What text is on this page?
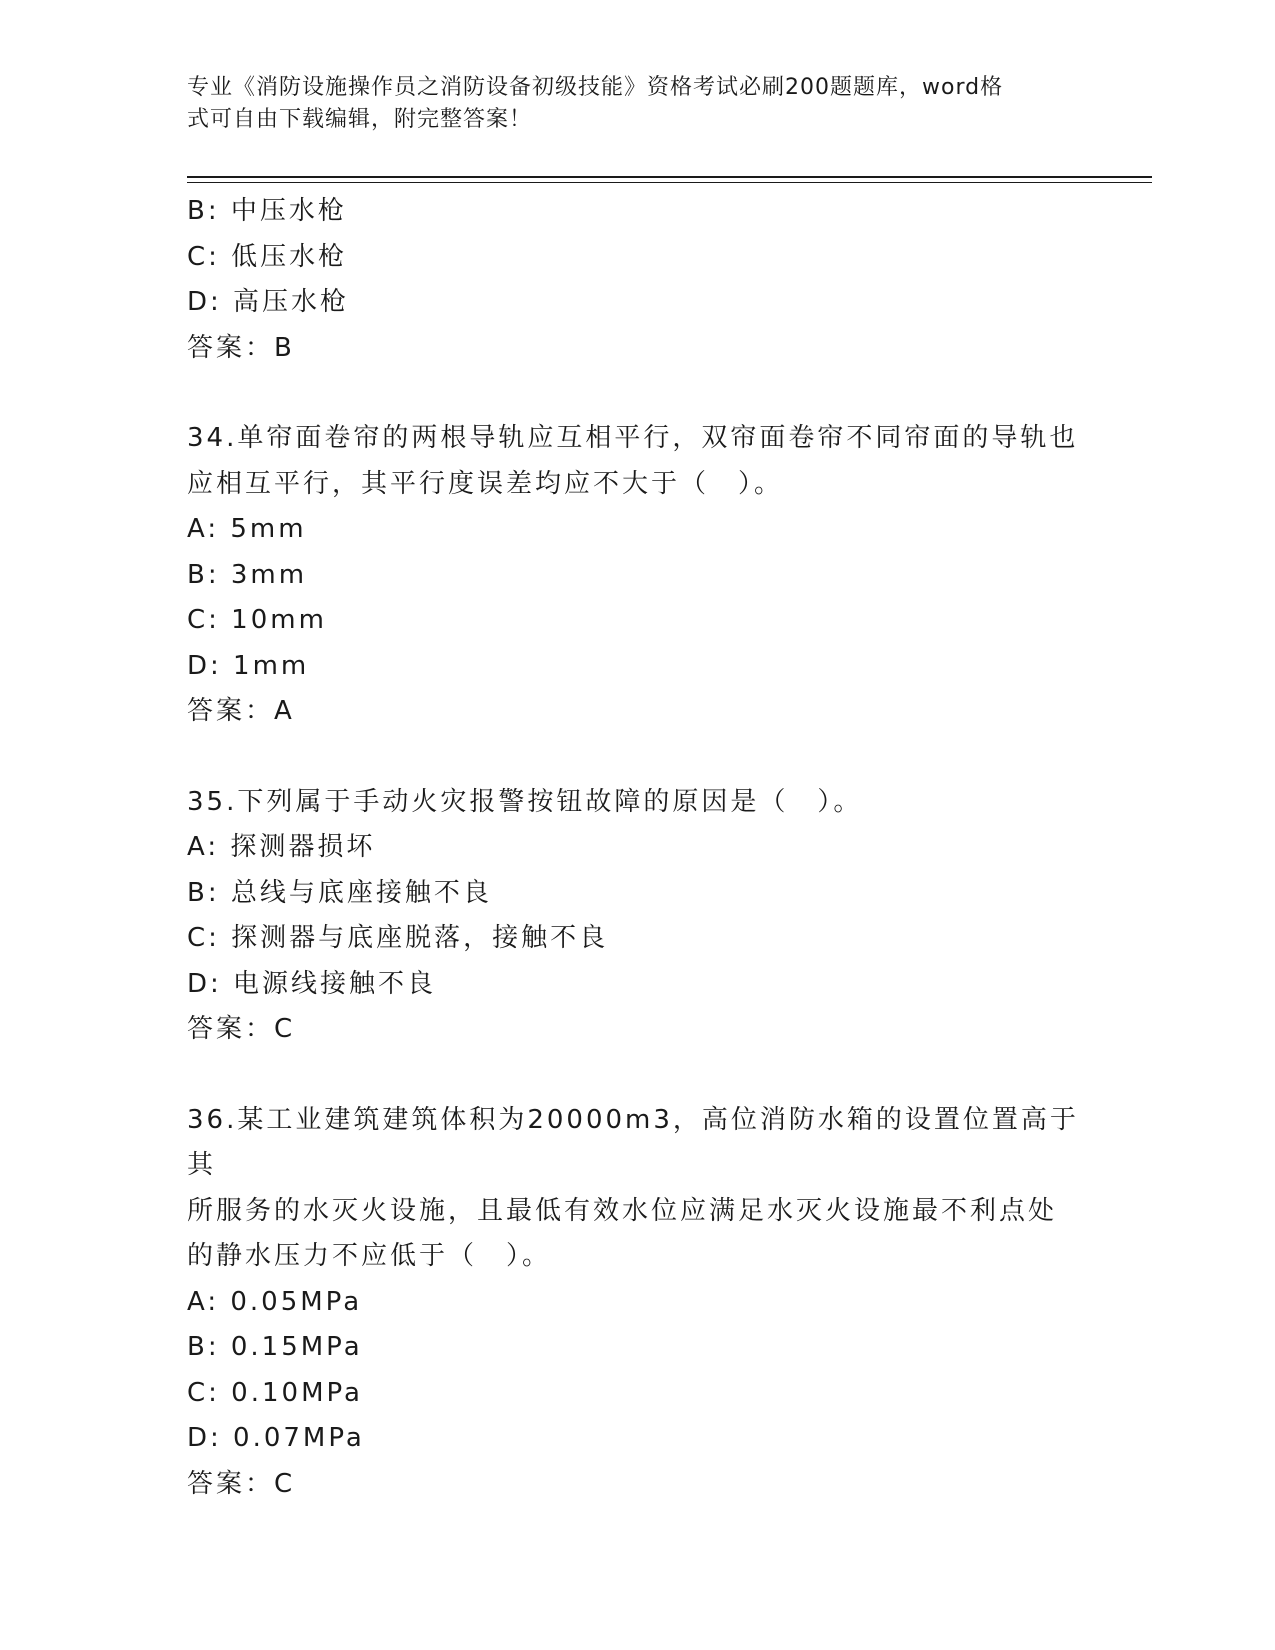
专业《消防设施操作员之消防设备初级技能》资格考试必刷200题题库，word格
式可自由下载编辑，附完整答案！
B: 中压水枪
C: 低压水枪
D: 高压水枪
答案：B
34.单帘面卷帘的两根导轨应互相平行，双帘面卷帘不同帘面的导轨也
应相互平行，其平行度误差均应不大于（　）。
A: 5mm
B: 3mm
C: 10mm
D: 1mm
答案：A
35.下列属于手动火灾报警按钮故障的原因是（　）。
A: 探测器损坏
B: 总线与底座接触不良
C: 探测器与底座脱落，接触不良
D: 电源线接触不良
答案：C
36.某工业建筑建筑体积为20000m3，高位消防水箱的设置位置高于其
所服务的水灭火设施，且最低有效水位应满足水灭火设施最不利点处
的静水压力不应低于（　）。
A: 0.05MPa
B: 0.15MPa
C: 0.10MPa
D: 0.07MPa
答案：C
